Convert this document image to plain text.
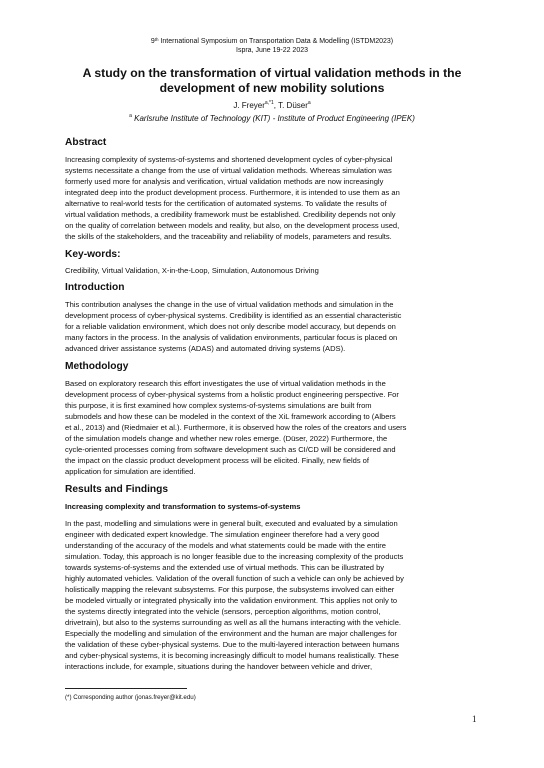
9th International Symposium on Transportation Data & Modelling (ISTDM2023)
Ispra, June 19-22 2023
A study on the transformation of virtual validation methods in the development of new mobility solutions
J. Freyer$^{a,*1}$, T. Düser$^a$
$^a$ Karlsruhe Institute of Technology (KIT) - Institute of Product Engineering (IPEK)
Abstract
Increasing complexity of systems-of-systems and shortened development cycles of cyber-physical
systems necessitate a change from the use of virtual validation methods. Whereas simulation was
formerly used more for analysis and verification, virtual validation methods are now increasingly
integrated deep into the product development process. Furthermore, it is intended to use them as an
alternative to real-world tests for the certification of automated systems. To validate the results of
virtual validation methods, a credibility framework must be established. Credibility depends not only
on the quality of correlation between models and reality, but also, on the development process used,
the skills of the stakeholders, and the traceability and reliability of models, parameters and results.
Key-words:
Credibility, Virtual Validation, X-in-the-Loop, Simulation, Autonomous Driving
Introduction
This contribution analyses the change in the use of virtual validation methods and simulation in the
development process of cyber-physical systems. Credibility is identified as an essential characteristic
for a reliable validation environment, which does not only describe model accuracy, but depends on
many factors in the process. In the analysis of validation environments, particular focus is placed on
advanced driver assistance systems (ADAS) and automated driving systems (ADS).
Methodology
Based on exploratory research this effort investigates the use of virtual validation methods in the
development process of cyber-physical systems from a holistic product engineering perspective. For
this purpose, it is first examined how complex systems-of-systems simulations are built from
submodels and how these can be modeled in the context of the XiL framework according to (Albers
et al., 2013) and (Riedmaier et al.). Furthermore, it is observed how the roles of the creators and users
of the simulation models change and whether new roles emerge. (Düser, 2022) Furthermore, the
cycle-oriented processes coming from software development such as CI/CD will be considered and
the impact on the classic product development process will be elicited. Finally, new fields of
application for simulation are identified.
Results and Findings
Increasing complexity and transformation to systems-of-systems
In the past, modelling and simulations were in general built, executed and evaluated by a simulation
engineer with dedicated expert knowledge. The simulation engineer therefore had a very good
understanding of the accuracy of the models and what statements could be made with the entire
simulation. Today, this approach is no longer feasible due to the increasing complexity of the products
towards systems-of-systems and the extended use of virtual methods. This can be illustrated by
highly automated vehicles. Validation of the overall function of such a vehicle can only be achieved by
holistically mapping the relevant subsystems. For this purpose, the subsystems involved can either
be modeled virtually or integrated physically into the validation environment. This applies not only to
the systems directly integrated into the vehicle (sensors, perception algorithms, motion control,
drivetrain), but also to the systems surrounding as well as all the humans interacting with the vehicle.
Especially the modelling and simulation of the environment and the human are major challenges for
the validation of these cyber-physical systems. Due to the multi-layered interaction between humans
and cyber-physical systems, it is becoming increasingly difficult to model humans realistically. These
interactions include, for example, situations during the handover between vehicle and driver,
(*) Corresponding author (jonas.freyer@kit.edu)
1
